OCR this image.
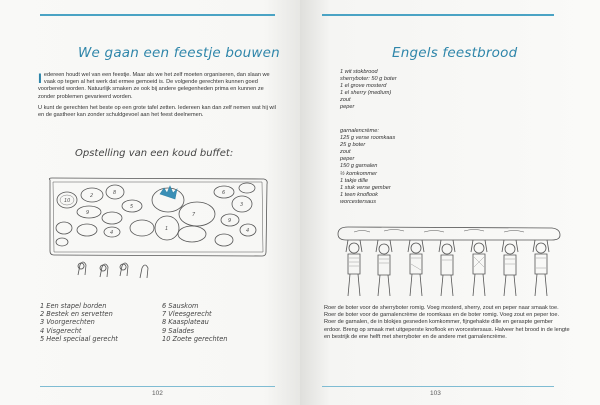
We gaan een feestje bouwen

Iedereen houdt wel van een feestje. Maar als we het zelf moeten organiseren, dan slaan we vaak op tegen al het werk dat ermee gemoeid is. De volgende gerechten kunnen goed voorbereid worden. Natuurlijk smaken ze ook bij andere gelegenheden prima en kunnen ze zonder problemen gevarieerd worden.

U kunt de gerechten het beste op een grote tafel zetten. Iedereen kan dan zelf nemen wat hij wil en de gastheer kan zonder schuldgevoel aan het feest deelnemen.

Opstelling van een koud buffet:
10
2	8
5
1
6
3
9
9
4
7
4
1 Een stapel borden
2 Bestek en servetten
3 Voorgerechten
4 Visgerecht
5 Heel speciaal gerecht
6 Sauskom
7 Vleesgerecht
8 Kaasplateau
9 Salades
10 Zoete gerechten
102
Engels feestbrood
1 wit stokbrood
sherryboter: 50 g boter
1 el grove mosterd
1 el sherry (medium)
zout
peper
garnalencrème:
125 g verse roomkaas
25 g boter
zout
peper
150 g garnalen
½ komkommer
1 takje dille
1 stuk verse gember
1 teen knoflook
worcestersaus

Roer de boter voor de sherryboter romig. Voeg mosterd, sherry, zout en peper naar smaak toe.

Roer de boter voor de garnalencrème de roomkaas en de boter romig. Voeg zout en peper toe. Roer de garnalen, de in blokjes gesneden komkommer, fijngehakte dille en geraspte gember erdoor. Breng op smaak met uitgeperste knoflook en worcestersaus. Halveer het brood in de lengte en bestrijk de ene helft met sherryboter en de andere met garnalencrème.

103
